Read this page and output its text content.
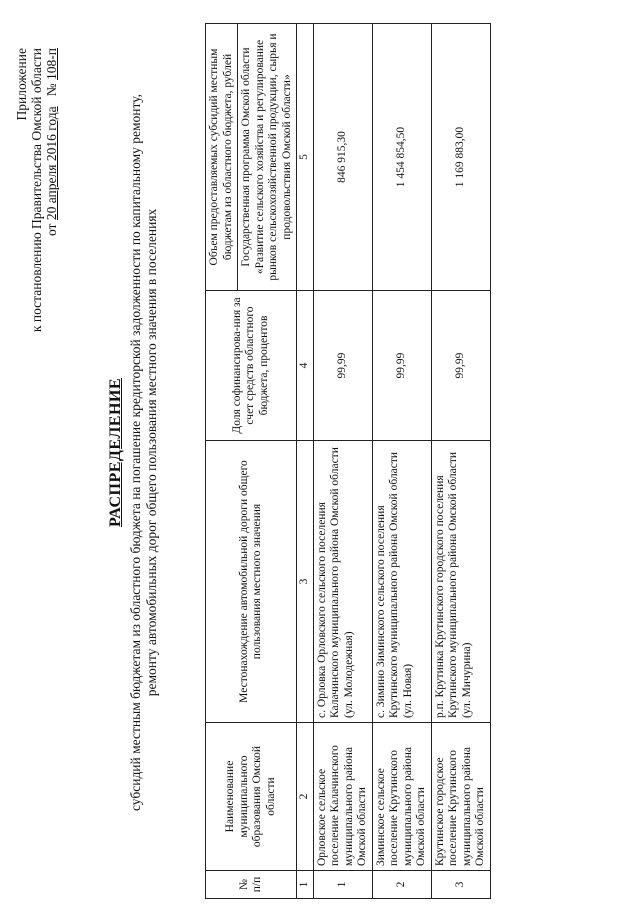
Приложение к постановлению Правительства Омской области от 20 апреля 2016 года   № 108-п
РАСПРЕДЕЛЕНИЕ субсидий местным бюджетам из областного бюджета на погашение кредиторской задолженности по капитальному ремонту, ремонту автомобильных дорог общего пользования местного значения в поселениях
№ п/п	Наименование муниципального образования Омской области	Местонахождение автомобильной дороги общего пользования местного значения	Доля софинансирова-ния за счет средств областного бюджета, процентов	Объем предоставляемых субсидий местным бюджетам из областного бюджета, рублей
				Государственная программа Омской области «Развитие сельского хозяйства и регулирование рынков сельскохозяйственной продукции, сырья и продовольствия Омской области»
1	2	3	4	5
1	Орловское сельское поселение Калачинского муниципального района Омской области	с. Орловка Орловского сельского поселения Калачинского муниципального района Омской области (ул. Молодежная)	99,99	846 915,30
2	Зиминское сельское поселение Крутинского муниципального района Омской области	с. Зимино Зиминского сельского поселения Крутинского муниципального района Омской области (ул. Новая)	99,99	1 454 854,50
3	Крутинское городское поселение Крутинского муниципального района Омской области	р.п. Крутинка Крутинского городского поселения Крутинского муниципального района Омской области (ул. Мичурина)	99,99	1 169 883,00
